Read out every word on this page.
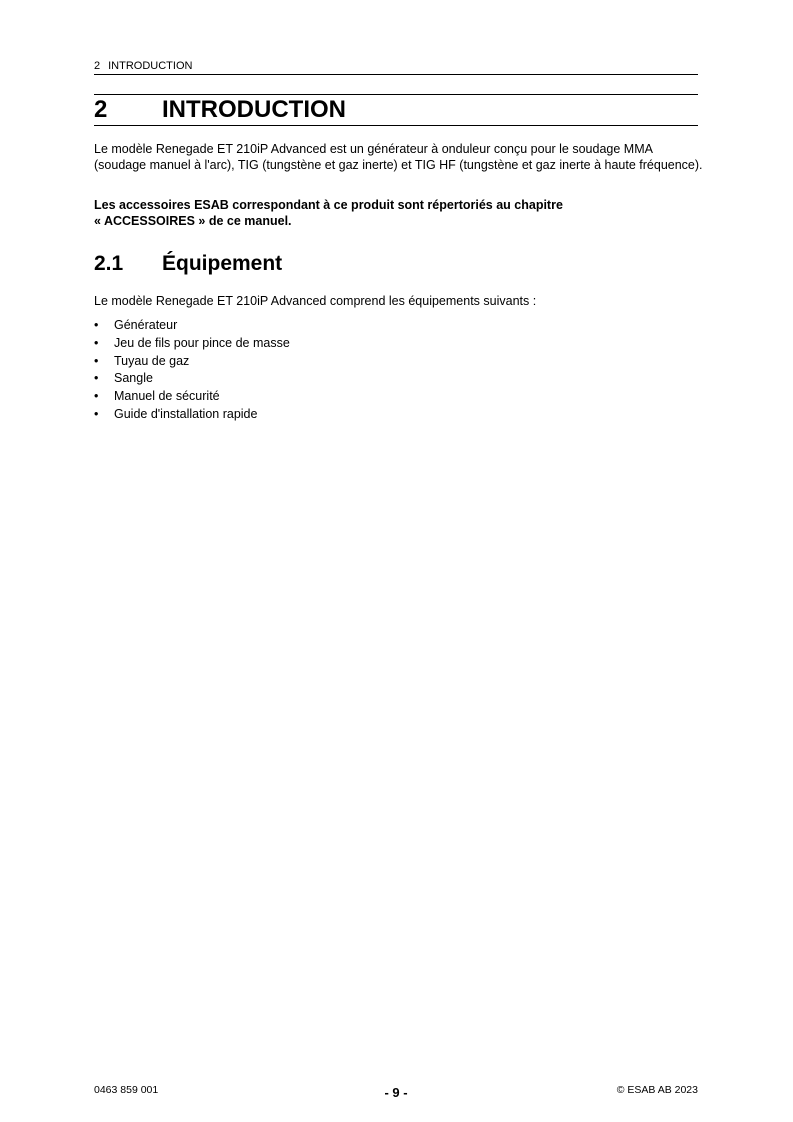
2 INTRODUCTION
2 INTRODUCTION
Le modèle Renegade ET 210iP Advanced est un générateur à onduleur conçu pour le soudage MMA (soudage manuel à l'arc), TIG (tungstène et gaz inerte) et TIG HF (tungstène et gaz inerte à haute fréquence).
Les accessoires ESAB correspondant à ce produit sont répertoriés au chapitre
« ACCESSOIRES » de ce manuel.
2.1 Équipement
Le modèle Renegade ET 210iP Advanced comprend les équipements suivants :
• Générateur
• Jeu de fils pour pince de masse
• Tuyau de gaz
• Sangle
• Manuel de sécurité
• Guide d'installation rapide
0463 859 001	- 9 -	© ESAB AB 2023
